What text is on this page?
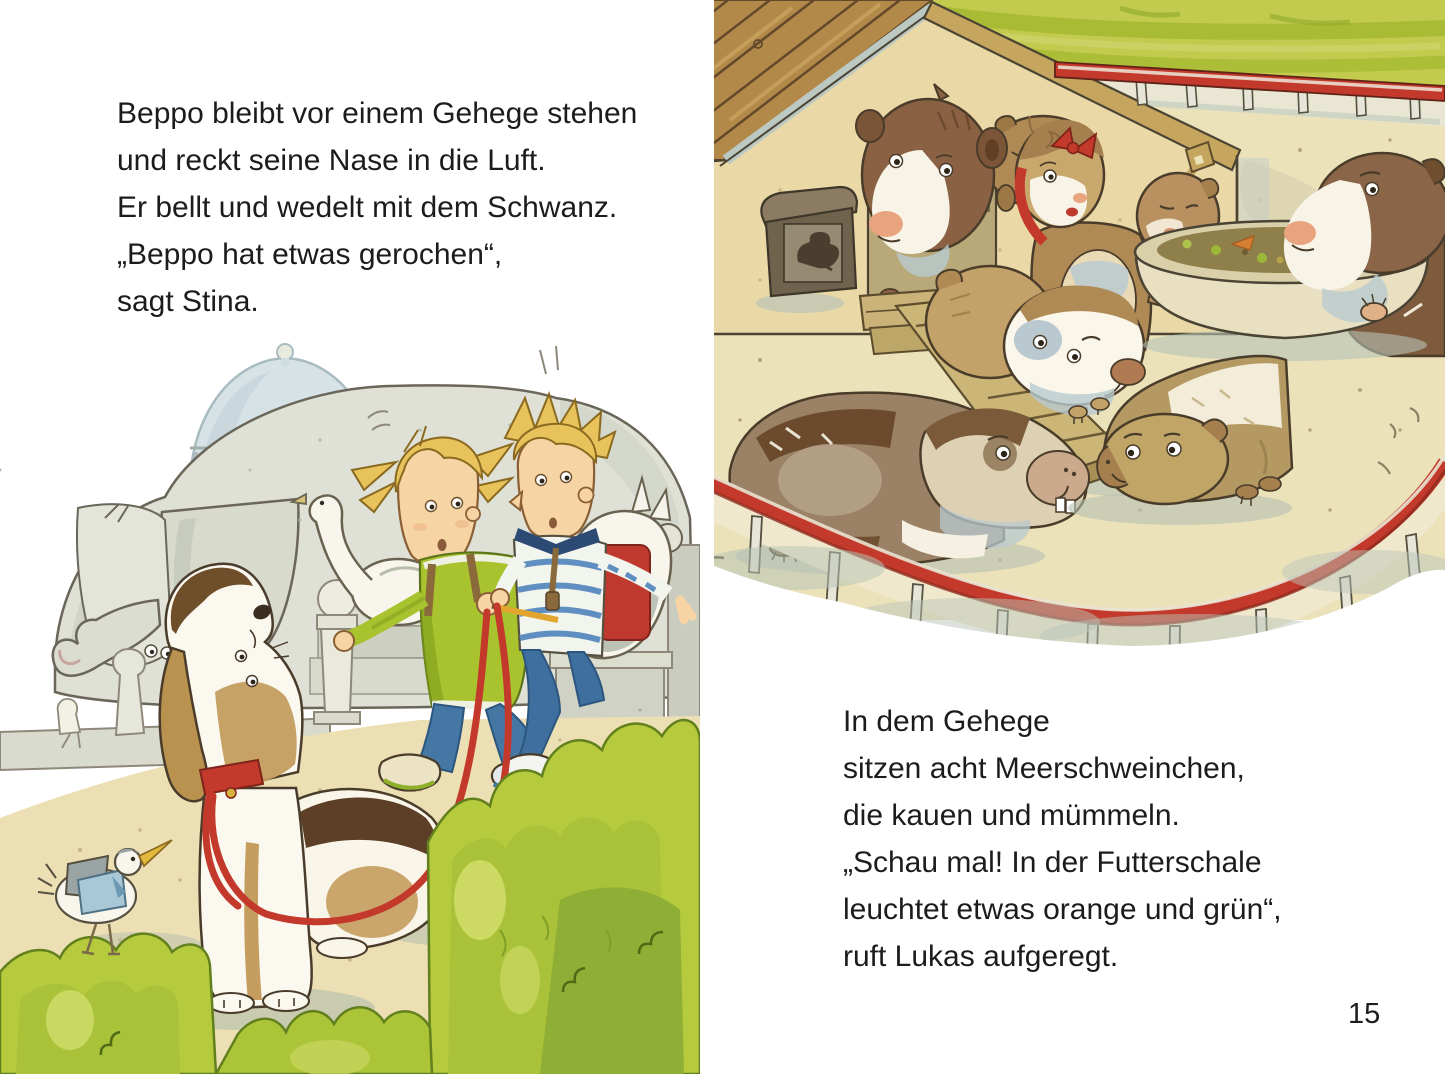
Beppo bleibt vor einem Gehege stehen

und reckt seine Nase in die Luft.

Er bellt und wedelt mit dem Schwanz.

„Beppo hat etwas gerochen“,

sagt Stina.

In dem Gehege

sitzen acht Meerschweinchen,

die kauen und mümmeln.

„Schau mal! In der Futterschale

leuchtet etwas orange und grün“,

ruft Lukas aufgeregt.

15
